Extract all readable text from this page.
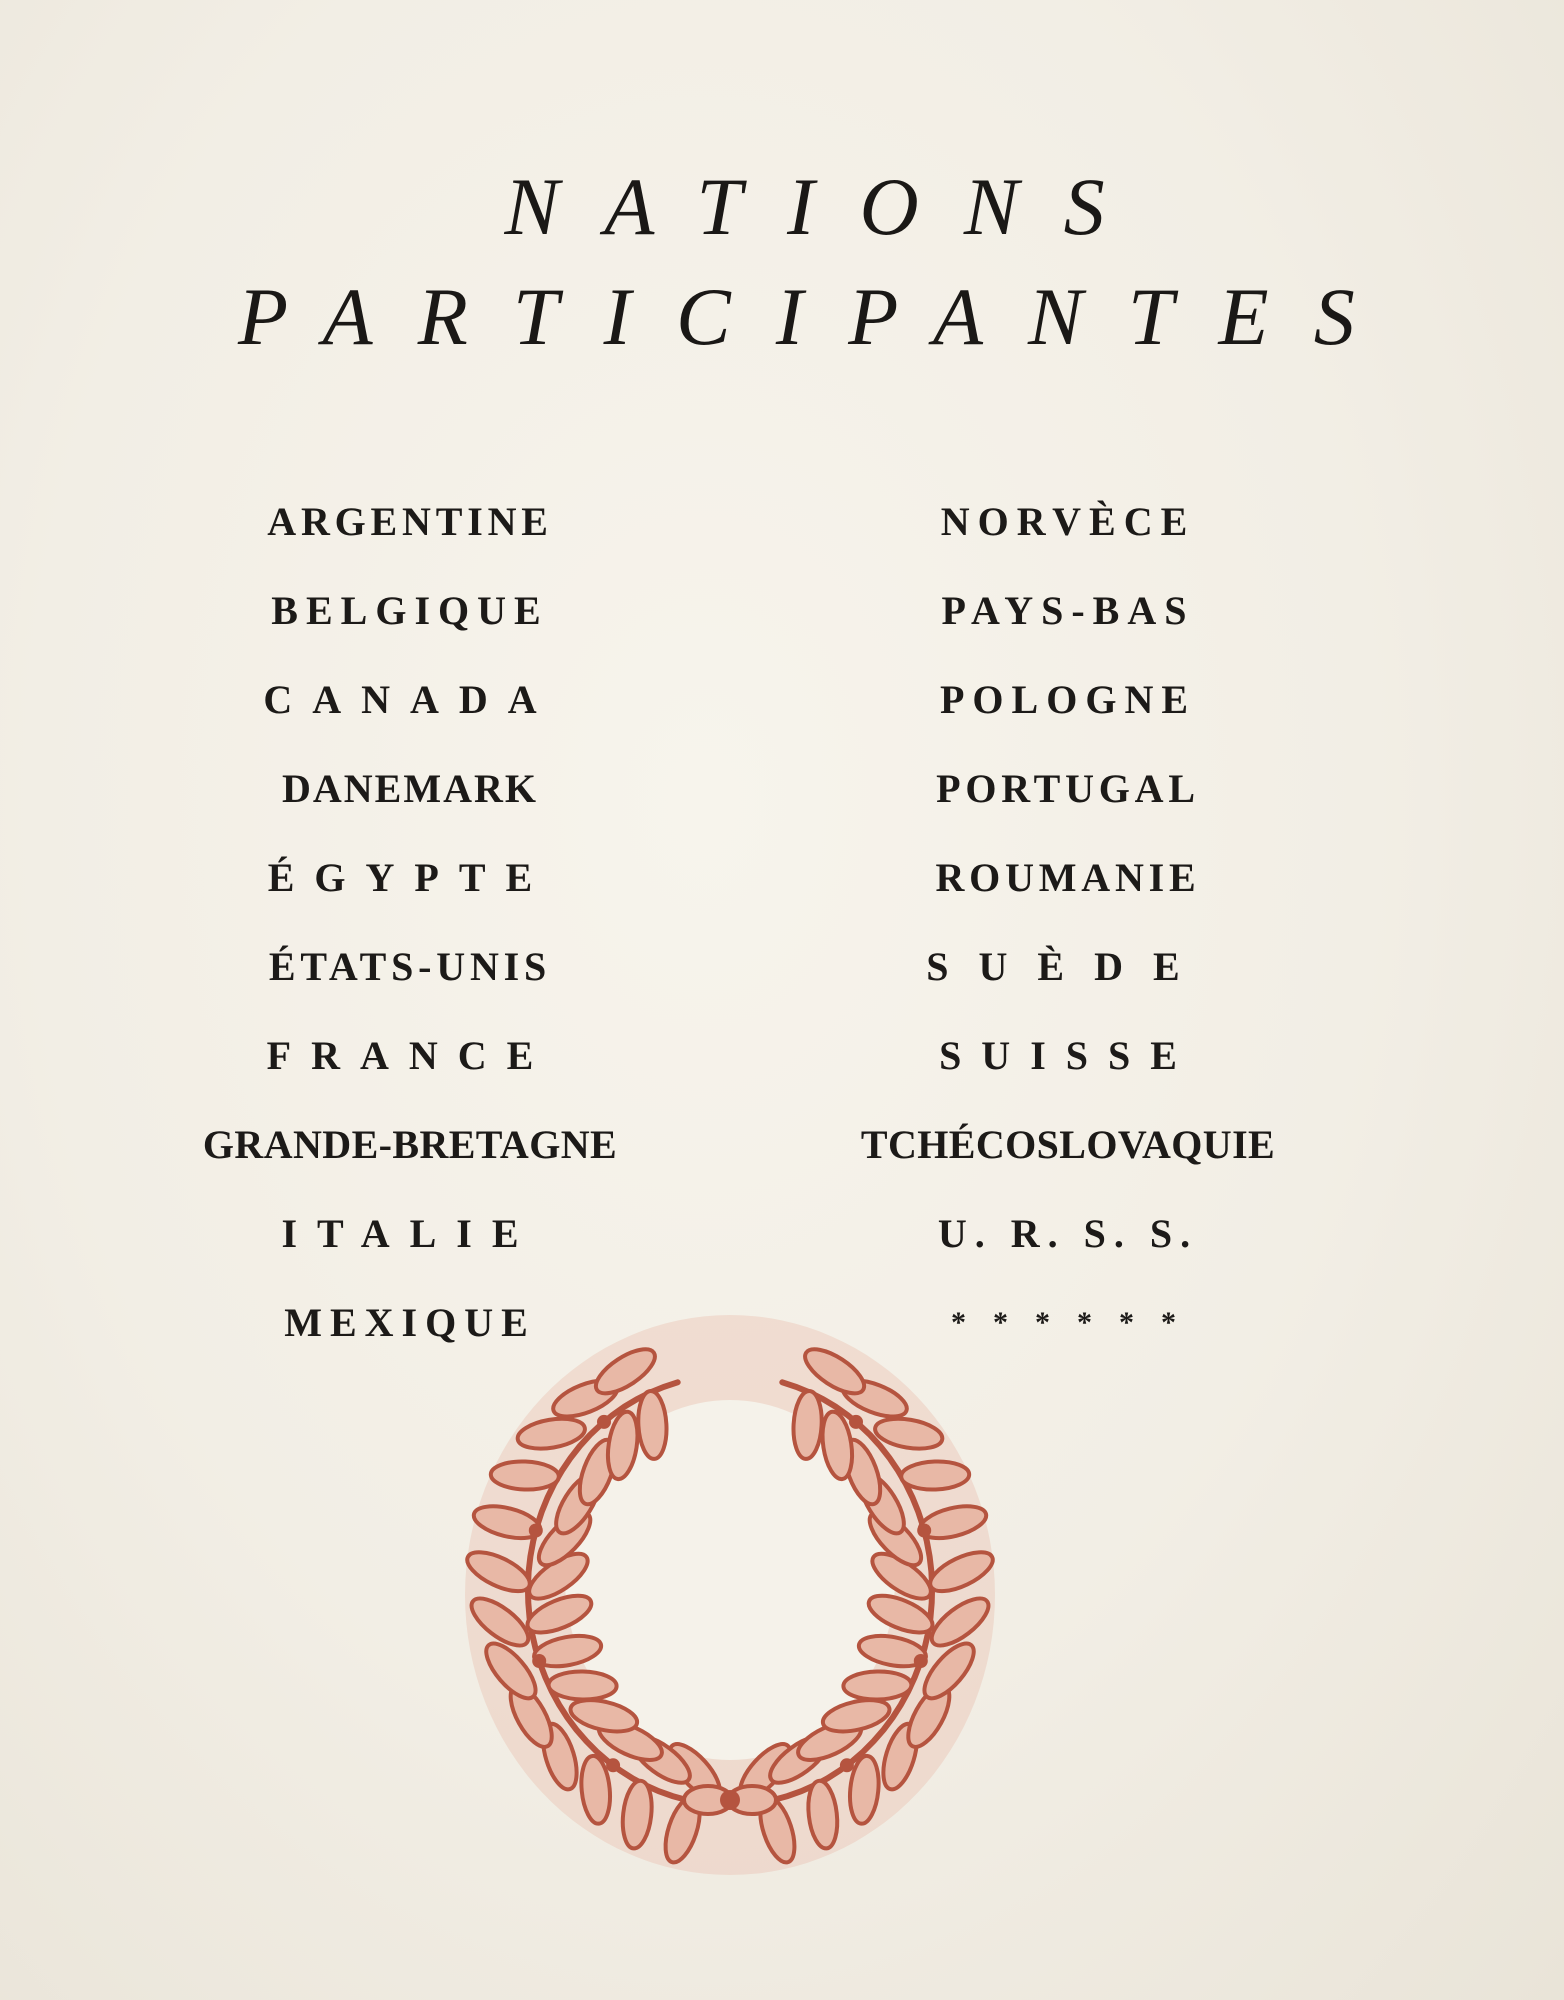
NATIONS
PARTICIPANTES
ARGENTINE
BELGIQUE
CANADA
DANEMARK
ÉGYPTE
ÉTATS-UNIS
FRANCE
GRANDE-BRETAGNE
ITALIE
MEXIQUE
NORVÈCE
PAYS-BAS
POLOGNE
PORTUGAL
ROUMANIE
SUÈDE
SUISSE
TCHÉCOSLOVAQUIE
U. R. S. S.
******
